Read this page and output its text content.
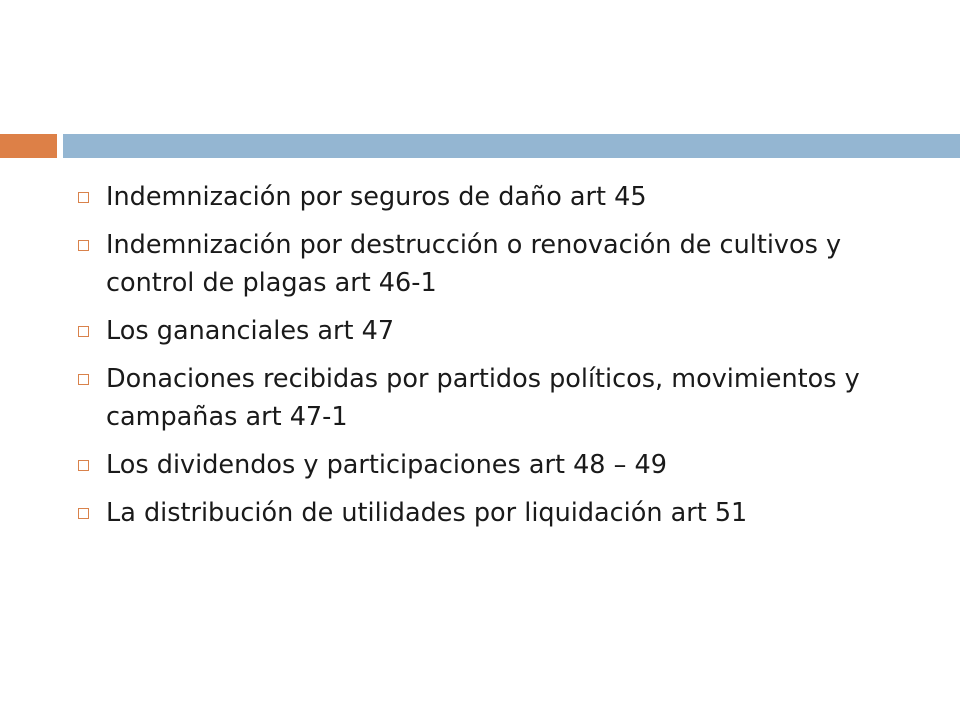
Indemnización por seguros de daño art 45
Indemnización por destrucción o renovación de cultivos y control de plagas art 46-1
Los gananciales art 47
Donaciones recibidas por partidos políticos, movimientos y campañas art 47-1
Los dividendos y participaciones art 48 – 49
La distribución de utilidades por liquidación art 51
